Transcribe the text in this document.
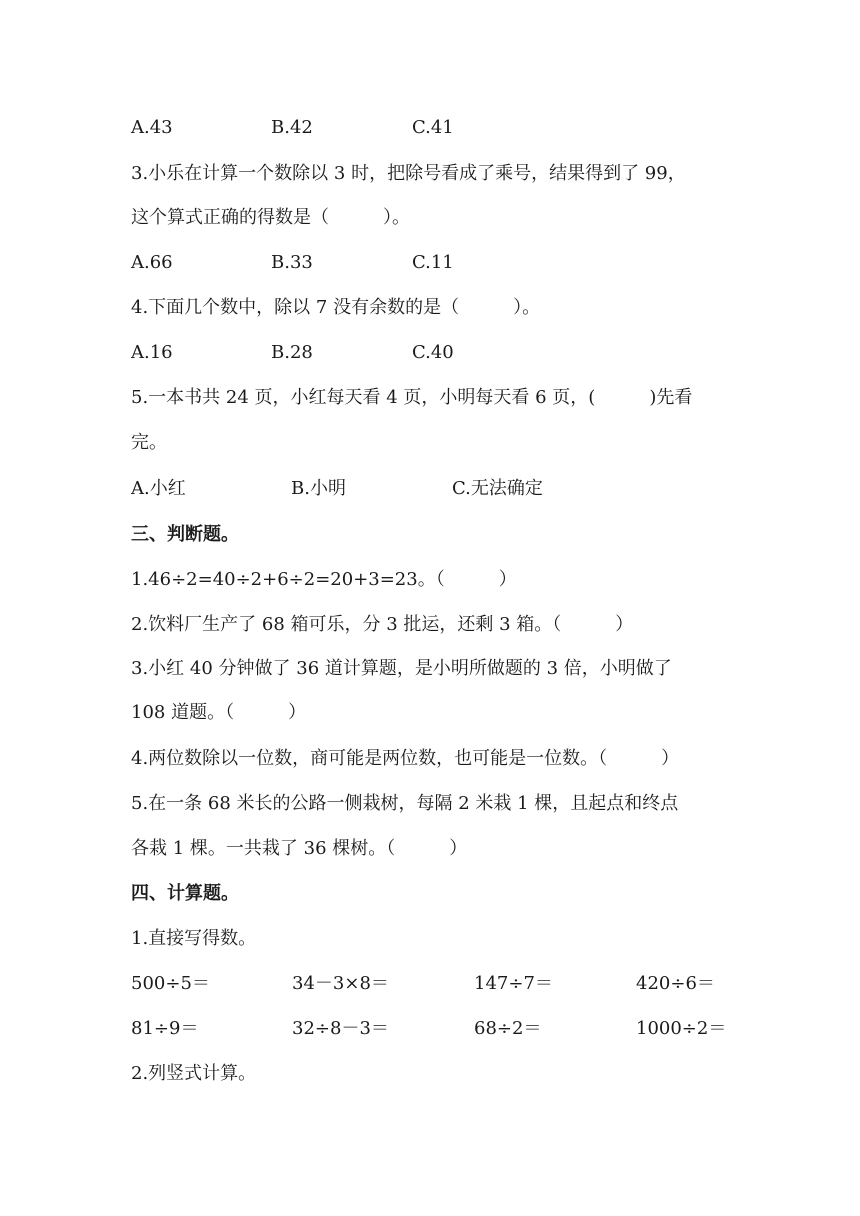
A.43	B.42	C.41
3.小乐在计算一个数除以 3 时，把除号看成了乘号，结果得到了 99，
这个算式正确的得数是（　　　）。
A.66	B.33	C.11
4.下面几个数中，除以 7 没有余数的是（　　　）。
A.16	B.28	C.40
5.一本书共 24 页，小红每天看 4 页，小明每天看 6 页，(　　　)先看
完。
A.小红	B.小明	C.无法确定
三、判断题。
1.46÷2=40÷2+6÷2=20+3=23。（　　　）
2.饮料厂生产了 68 箱可乐，分 3 批运，还剩 3 箱。（　　　）
3.小红 40 分钟做了 36 道计算题，是小明所做题的 3 倍，小明做了
108 道题。（　　　）
4.两位数除以一位数，商可能是两位数，也可能是一位数。（　　　）
5.在一条 68 米长的公路一侧栽树，每隔 2 米栽 1 棵，且起点和终点
各栽 1 棵。一共栽了 36 棵树。（　　　）
四、计算题。
1.直接写得数。
500÷5＝	34－3×8＝	147÷7＝	420÷6＝
81÷9＝	32÷8－3＝	68÷2＝	1000÷2＝
2.列竖式计算。
